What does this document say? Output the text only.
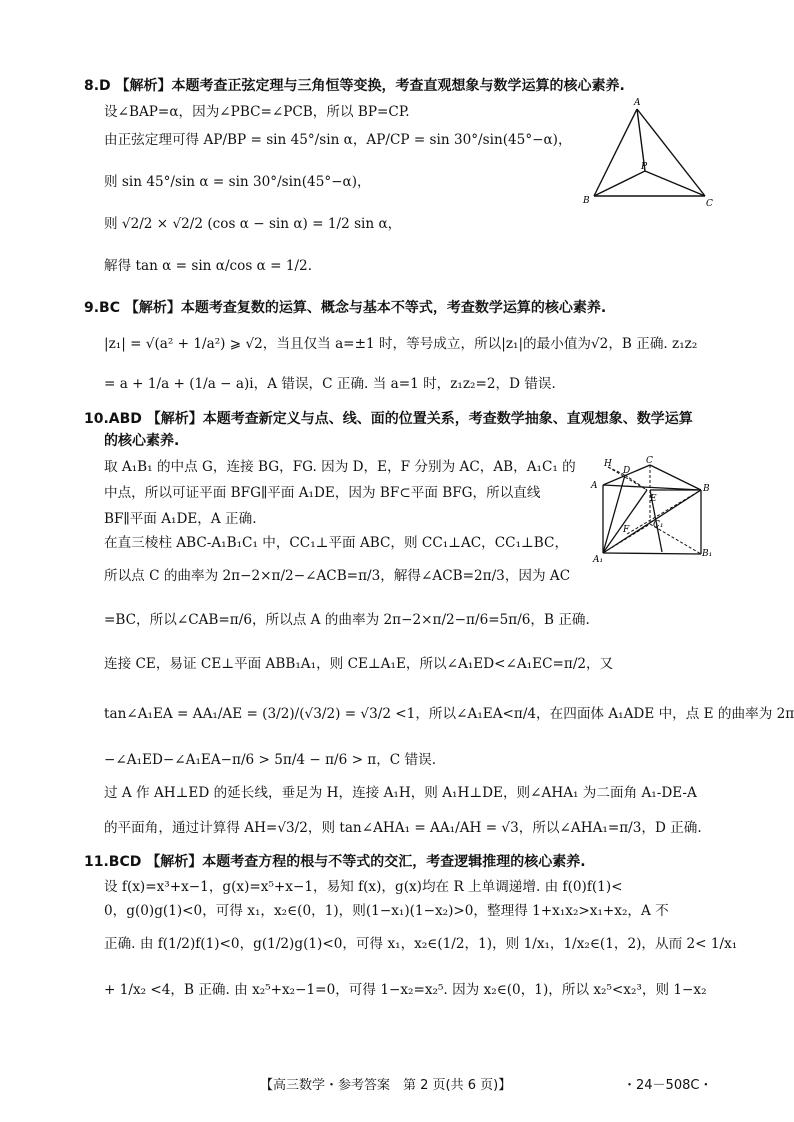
8.D 【解析】本题考查正弦定理与三角恒等变换，考查直观想象与数学运算的核心素养.
设∠BAP=α，因为∠PBC=∠PCB，所以 BP=CP.
由正弦定理可得 AP/BP = sin 45°/sin α，AP/CP = sin 30°/sin(45°−α)，
则 sin 45°/sin α = sin 30°/sin(45°−α)，
则 √2/2 × √2/2 (cos α − sin α) = 1/2 sin α，
解得 tan α = sin α/cos α = 1/2.
A
B	C
P
9.BC 【解析】本题考查复数的运算、概念与基本不等式，考查数学运算的核心素养.
|z₁| = √(a² + 1/a²) ⩾ √2，当且仅当 a=±1 时，等号成立，所以|z₁|的最小值为√2，B 正确. z₁z₂
= a + 1/a + (1/a − a)i，A 错误，C 正确. 当 a=1 时，z₁z₂=2，D 错误.
10.ABD 【解析】本题考查新定义与点、线、面的位置关系，考查数学抽象、直观想象、数学运算
的核心素养.
取 A₁B₁ 的中点 G，连接 BG，FG. 因为 D，E，F 分别为 AC，AB，A₁C₁ 的
中点，所以可证平面 BFG∥平面 A₁DE，因为 BF⊂平面 BFG，所以直线
BF∥平面 A₁DE，A 正确.
在直三棱柱 ABC-A₁B₁C₁ 中，CC₁⊥平面 ABC，则 CC₁⊥AC，CC₁⊥BC，
所以点 C 的曲率为 2π−2×π/2−∠ACB=π/3，解得∠ACB=2π/3，因为 AC
=BC，所以∠CAB=π/6，所以点 A 的曲率为 2π−2×π/2−π/6=5π/6，B 正确.
连接 CE，易证 CE⊥平面 ABB₁A₁，则 CE⊥A₁E，所以∠A₁ED<∠A₁EC=π/2，又
tan∠A₁EA = AA₁/AE = (3/2)/(√3/2) = √3/2 <1，所以∠A₁EA<π/4，在四面体 A₁ADE 中，点 E 的曲率为 2π
−∠A₁ED−∠A₁EA−π/6 > 5π/4 − π/6 > π，C 错误.
过 A 作 AH⊥ED 的延长线，垂足为 H，连接 A₁H，则 A₁H⊥DE，则∠AHA₁ 为二面角 A₁-DE-A
的平面角，通过计算得 AH=√3/2，则 tan∠AHA₁ = AA₁/AH = √3，所以∠AHA₁=π/3，D 正确.
H
D
C
A
E
B
F	C₁
A₁
B₁
11.BCD 【解析】本题考查方程的根与不等式的交汇，考查逻辑推理的核心素养.
设 f(x)=x³+x−1，g(x)=x⁵+x−1，易知 f(x)，g(x)均在 R 上单调递增. 由 f(0)f(1)<
0，g(0)g(1)<0，可得 x₁，x₂∈(0，1)，则(1−x₁)(1−x₂)>0，整理得 1+x₁x₂>x₁+x₂，A 不
正确. 由 f(1/2)f(1)<0，g(1/2)g(1)<0，可得 x₁，x₂∈(1/2，1)，则 1/x₁，1/x₂∈(1，2)，从而 2< 1/x₁
+ 1/x₂ <4，B 正确. 由 x₂⁵+x₂−1=0，可得 1−x₂=x₂⁵. 因为 x₂∈(0，1)，所以 x₂⁵<x₂³，则 1−x₂
【高三数学・参考答案　第 2 页(共 6 页)】	・24－508C・
